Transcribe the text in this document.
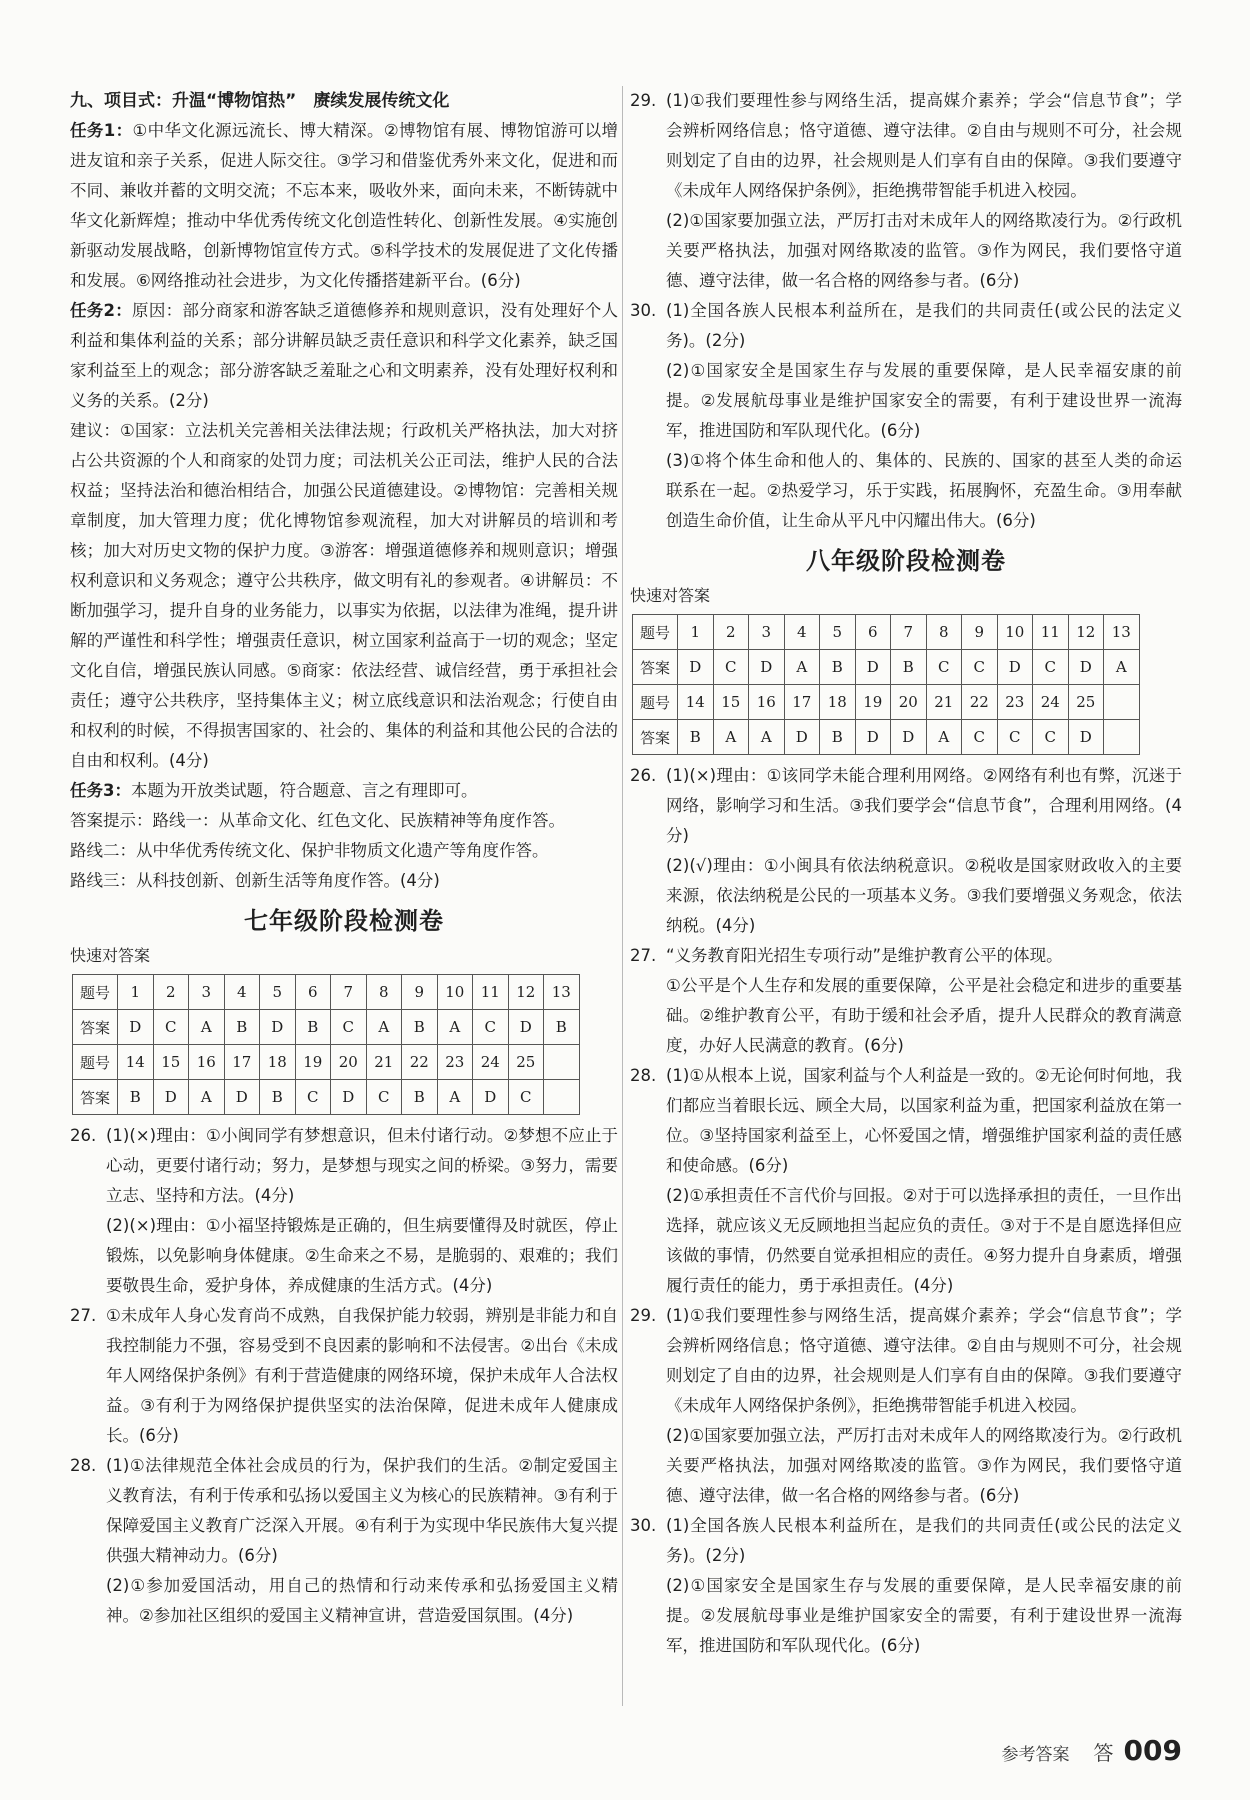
九、项目式：升温“博物馆热”　赓续发展传统文化

任务1：①中华文化源远流长、博大精深。②博物馆有展、博物馆游可以增进友谊和亲子关系，促进人际交往。③学习和借鉴优秀外来文化，促进和而不同、兼收并蓄的文明交流；不忘本来，吸收外来，面向未来，不断铸就中华文化新辉煌；推动中华优秀传统文化创造性转化、创新性发展。④实施创新驱动发展战略，创新博物馆宣传方式。⑤科学技术的发展促进了文化传播和发展。⑥网络推动社会进步，为文化传播搭建新平台。(6分)

任务2：原因：部分商家和游客缺乏道德修养和规则意识，没有处理好个人利益和集体利益的关系；部分讲解员缺乏责任意识和科学文化素养，缺乏国家利益至上的观念；部分游客缺乏羞耻之心和文明素养，没有处理好权利和义务的关系。(2分)

建议：①国家：立法机关完善相关法律法规；行政机关严格执法，加大对挤占公共资源的个人和商家的处罚力度；司法机关公正司法，维护人民的合法权益；坚持法治和德治相结合，加强公民道德建设。②博物馆：完善相关规章制度，加大管理力度；优化博物馆参观流程，加大对讲解员的培训和考核；加大对历史文物的保护力度。③游客：增强道德修养和规则意识；增强权利意识和义务观念；遵守公共秩序，做文明有礼的参观者。④讲解员：不断加强学习，提升自身的业务能力，以事实为依据，以法律为准绳，提升讲解的严谨性和科学性；增强责任意识，树立国家利益高于一切的观念；坚定文化自信，增强民族认同感。⑤商家：依法经营、诚信经营，勇于承担社会责任；遵守公共秩序，坚持集体主义；树立底线意识和法治观念；行使自由和权利的时候，不得损害国家的、社会的、集体的利益和其他公民的合法的自由和权利。(4分)

任务3：本题为开放类试题，符合题意、言之有理即可。

答案提示：路线一：从革命文化、红色文化、民族精神等角度作答。

路线二：从中华优秀传统文化、保护非物质文化遗产等角度作答。

路线三：从科技创新、创新生活等角度作答。(4分)

七年级阶段检测卷

快速对答案

题号	1	2	3	4	5	6	7	8	9	10	11	12	13
答案	D	C	A	B	D	B	C	A	B	A	C	D	B
题号	14	15	16	17	18	19	20	21	22	23	24	25	
答案	B	D	A	D	B	C	D	C	B	A	D	C	
26. (1)(×)理由：①小闽同学有梦想意识，但未付诸行动。②梦想不应止于心动，更要付诸行动；努力，是梦想与现实之间的桥梁。③努力，需要立志、坚持和方法。(4分)

(2)(×)理由：①小福坚持锻炼是正确的，但生病要懂得及时就医，停止锻炼，以免影响身体健康。②生命来之不易，是脆弱的、艰难的；我们要敬畏生命，爱护身体，养成健康的生活方式。(4分)

27. ①未成年人身心发育尚不成熟，自我保护能力较弱，辨别是非能力和自我控制能力不强，容易受到不良因素的影响和不法侵害。②出台《未成年人网络保护条例》有利于营造健康的网络环境，保护未成年人合法权益。③有利于为网络保护提供坚实的法治保障，促进未成年人健康成长。(6分)

28. (1)①法律规范全体社会成员的行为，保护我们的生活。②制定爱国主义教育法，有利于传承和弘扬以爱国主义为核心的民族精神。③有利于保障爱国主义教育广泛深入开展。④有利于为实现中华民族伟大复兴提供强大精神动力。(6分)

(2)①参加爱国活动，用自己的热情和行动来传承和弘扬爱国主义精神。②参加社区组织的爱国主义精神宣讲，营造爱国氛围。(4分)

29. (1)①我们要理性参与网络生活，提高媒介素养；学会“信息节食”；学会辨析网络信息；恪守道德、遵守法律。②自由与规则不可分，社会规则划定了自由的边界，社会规则是人们享有自由的保障。③我们要遵守《未成年人网络保护条例》，拒绝携带智能手机进入校园。

(2)①国家要加强立法，严厉打击对未成年人的网络欺凌行为。②行政机关要严格执法，加强对网络欺凌的监管。③作为网民，我们要恪守道德、遵守法律，做一名合格的网络参与者。(6分)

30. (1)全国各族人民根本利益所在，是我们的共同责任(或公民的法定义务)。(2分)

(2)①国家安全是国家生存与发展的重要保障，是人民幸福安康的前提。②发展航母事业是维护国家安全的需要，有利于建设世界一流海军，推进国防和军队现代化。(6分)

(3)①将个体生命和他人的、集体的、民族的、国家的甚至人类的命运联系在一起。②热爱学习，乐于实践，拓展胸怀，充盈生命。③用奉献创造生命价值，让生命从平凡中闪耀出伟大。(6分)

八年级阶段检测卷

快速对答案

题号	1	2	3	4	5	6	7	8	9	10	11	12	13
答案	D	C	D	A	B	D	B	C	C	D	C	D	A
题号	14	15	16	17	18	19	20	21	22	23	24	25	
答案	B	A	A	D	B	D	D	A	C	C	C	D	
26. (1)(×)理由：①该同学未能合理利用网络。②网络有利也有弊，沉迷于网络，影响学习和生活。③我们要学会“信息节食”，合理利用网络。(4分)

(2)(√)理由：①小闽具有依法纳税意识。②税收是国家财政收入的主要来源，依法纳税是公民的一项基本义务。③我们要增强义务观念，依法纳税。(4分)

27. “义务教育阳光招生专项行动”是维护教育公平的体现。

①公平是个人生存和发展的重要保障，公平是社会稳定和进步的重要基础。②维护教育公平，有助于缓和社会矛盾，提升人民群众的教育满意度，办好人民满意的教育。(6分)

28. (1)①从根本上说，国家利益与个人利益是一致的。②无论何时何地，我们都应当着眼长远、顾全大局，以国家利益为重，把国家利益放在第一位。③坚持国家利益至上，心怀爱国之情，增强维护国家利益的责任感和使命感。(6分)

(2)①承担责任不言代价与回报。②对于可以选择承担的责任，一旦作出选择，就应该义无反顾地担当起应负的责任。③对于不是自愿选择但应该做的事情，仍然要自觉承担相应的责任。④努力提升自身素质，增强履行责任的能力，勇于承担责任。(4分)

29. (1)①我们要理性参与网络生活，提高媒介素养；学会“信息节食”；学会辨析网络信息；恪守道德、遵守法律。②自由与规则不可分，社会规则划定了自由的边界，社会规则是人们享有自由的保障。③我们要遵守《未成年人网络保护条例》，拒绝携带智能手机进入校园。

(2)①国家要加强立法，严厉打击对未成年人的网络欺凌行为。②行政机关要严格执法，加强对网络欺凌的监管。③作为网民，我们要恪守道德、遵守法律，做一名合格的网络参与者。(6分)

30. (1)全国各族人民根本利益所在，是我们的共同责任(或公民的法定义务)。(2分)

(2)①国家安全是国家生存与发展的重要保障，是人民幸福安康的前提。②发展航母事业是维护国家安全的需要，有利于建设世界一流海军，推进国防和军队现代化。(6分)

参考答案 答 009
